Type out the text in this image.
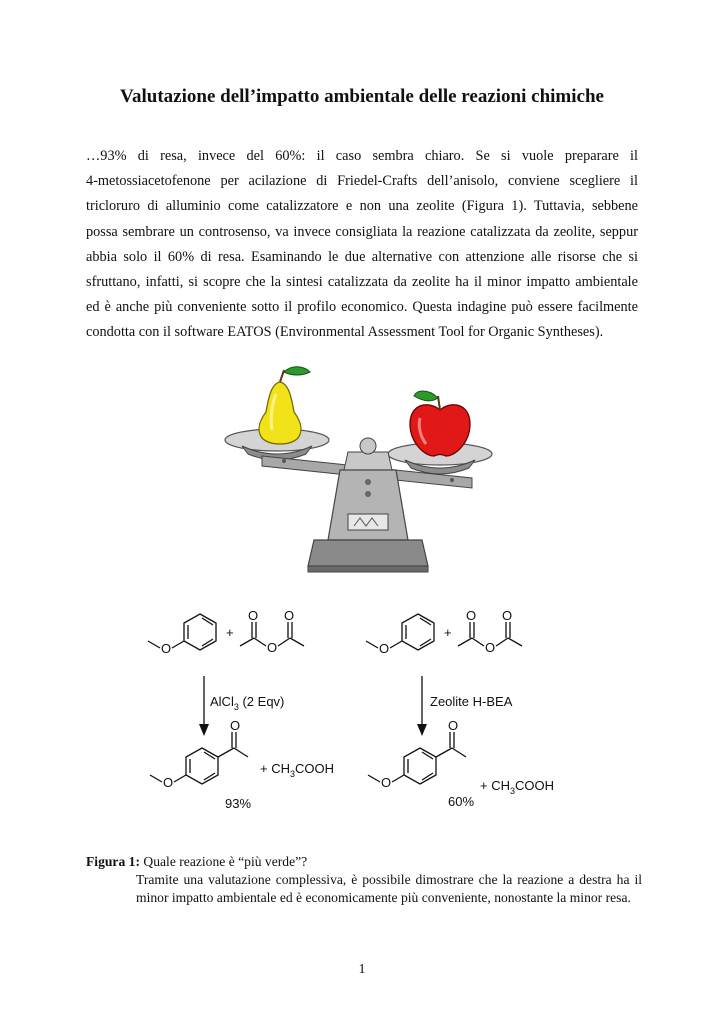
Valutazione dell’impatto ambientale delle reazioni chimiche
…93% di resa, invece del 60%: il caso sembra chiaro. Se si vuole preparare il
4-metossiacetofenone per acilazione di Friedel-Crafts dell’anisolo, conviene scegliere il
tricloruro di alluminio come catalizzatore e non una zeolite (Figura 1). Tuttavia, sebbene
possa sembrare un controsenso, va invece consigliata la reazione catalizzata da zeolite, seppur
abbia solo il 60% di resa. Esaminando le due alternative con attenzione alle risorse che si
sfruttano, infatti, si scopre che la sintesi catalizzata da zeolite ha il minor impatto ambientale
ed è anche più conveniente sotto il profilo economico. Questa indagine può essere facilmente
condotta con il software EATOS (Environmental Assessment Tool for Organic Syntheses).
O
+
O
O
O
AlCl$_3$ (2 Eqv)
O
O
+ $CH_3COOH$
93%
O
+
O
O
O
Zeolite H-BEA
O
O	+ $CH_3COOH$
60%
Figura 1: Quale reazione è “più verde”?
Tramite una valutazione complessiva, è possibile dimostrare che la reazione a destra ha il minor impatto ambientale ed è economicamente più conveniente, nonostante la minor resa.
1
